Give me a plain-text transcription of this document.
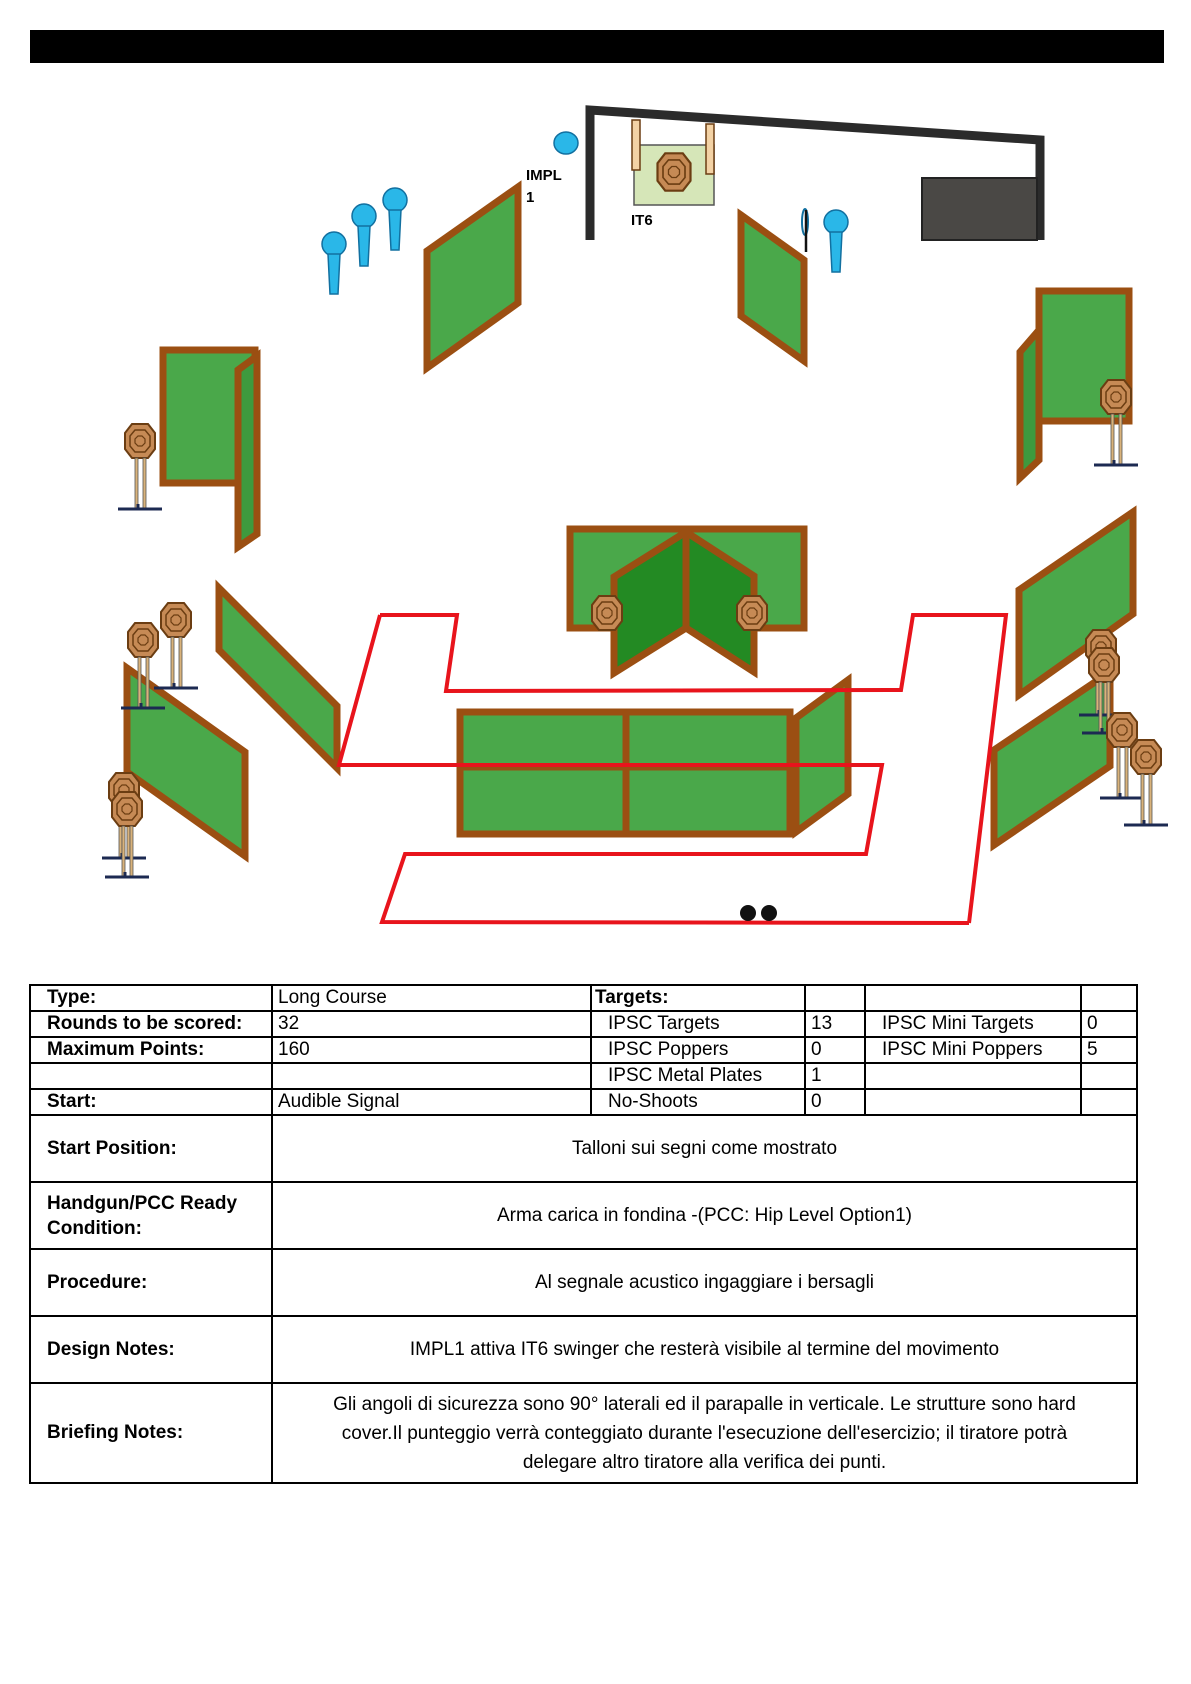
IT6
IMPL
1
Type:	Long Course	Targets:			
Rounds to be scored:	32	IPSC Targets	13	IPSC Mini Targets	0
Maximum Points:	160	IPSC Poppers	0	IPSC Mini Poppers	5
		IPSC Metal Plates	1		
Start:	Audible Signal	No-Shoots	0		
Start Position:	Talloni sui segni come mostrato				
Handgun/PCC Ready Condition:	Arma carica in fondina -(PCC: Hip Level Option1)				
Procedure:	Al segnale acustico ingaggiare i bersagli				
Design Notes:	IMPL1 attiva IT6 swinger che resterà visibile al termine del movimento				
Briefing Notes:	Gli angoli di sicurezza sono 90° laterali ed il parapalle in verticale. Le strutture sono hard cover.Il punteggio verrà conteggiato durante l'esecuzione dell'esercizio; il tiratore potrà delegare altro tiratore alla verifica dei punti.				
